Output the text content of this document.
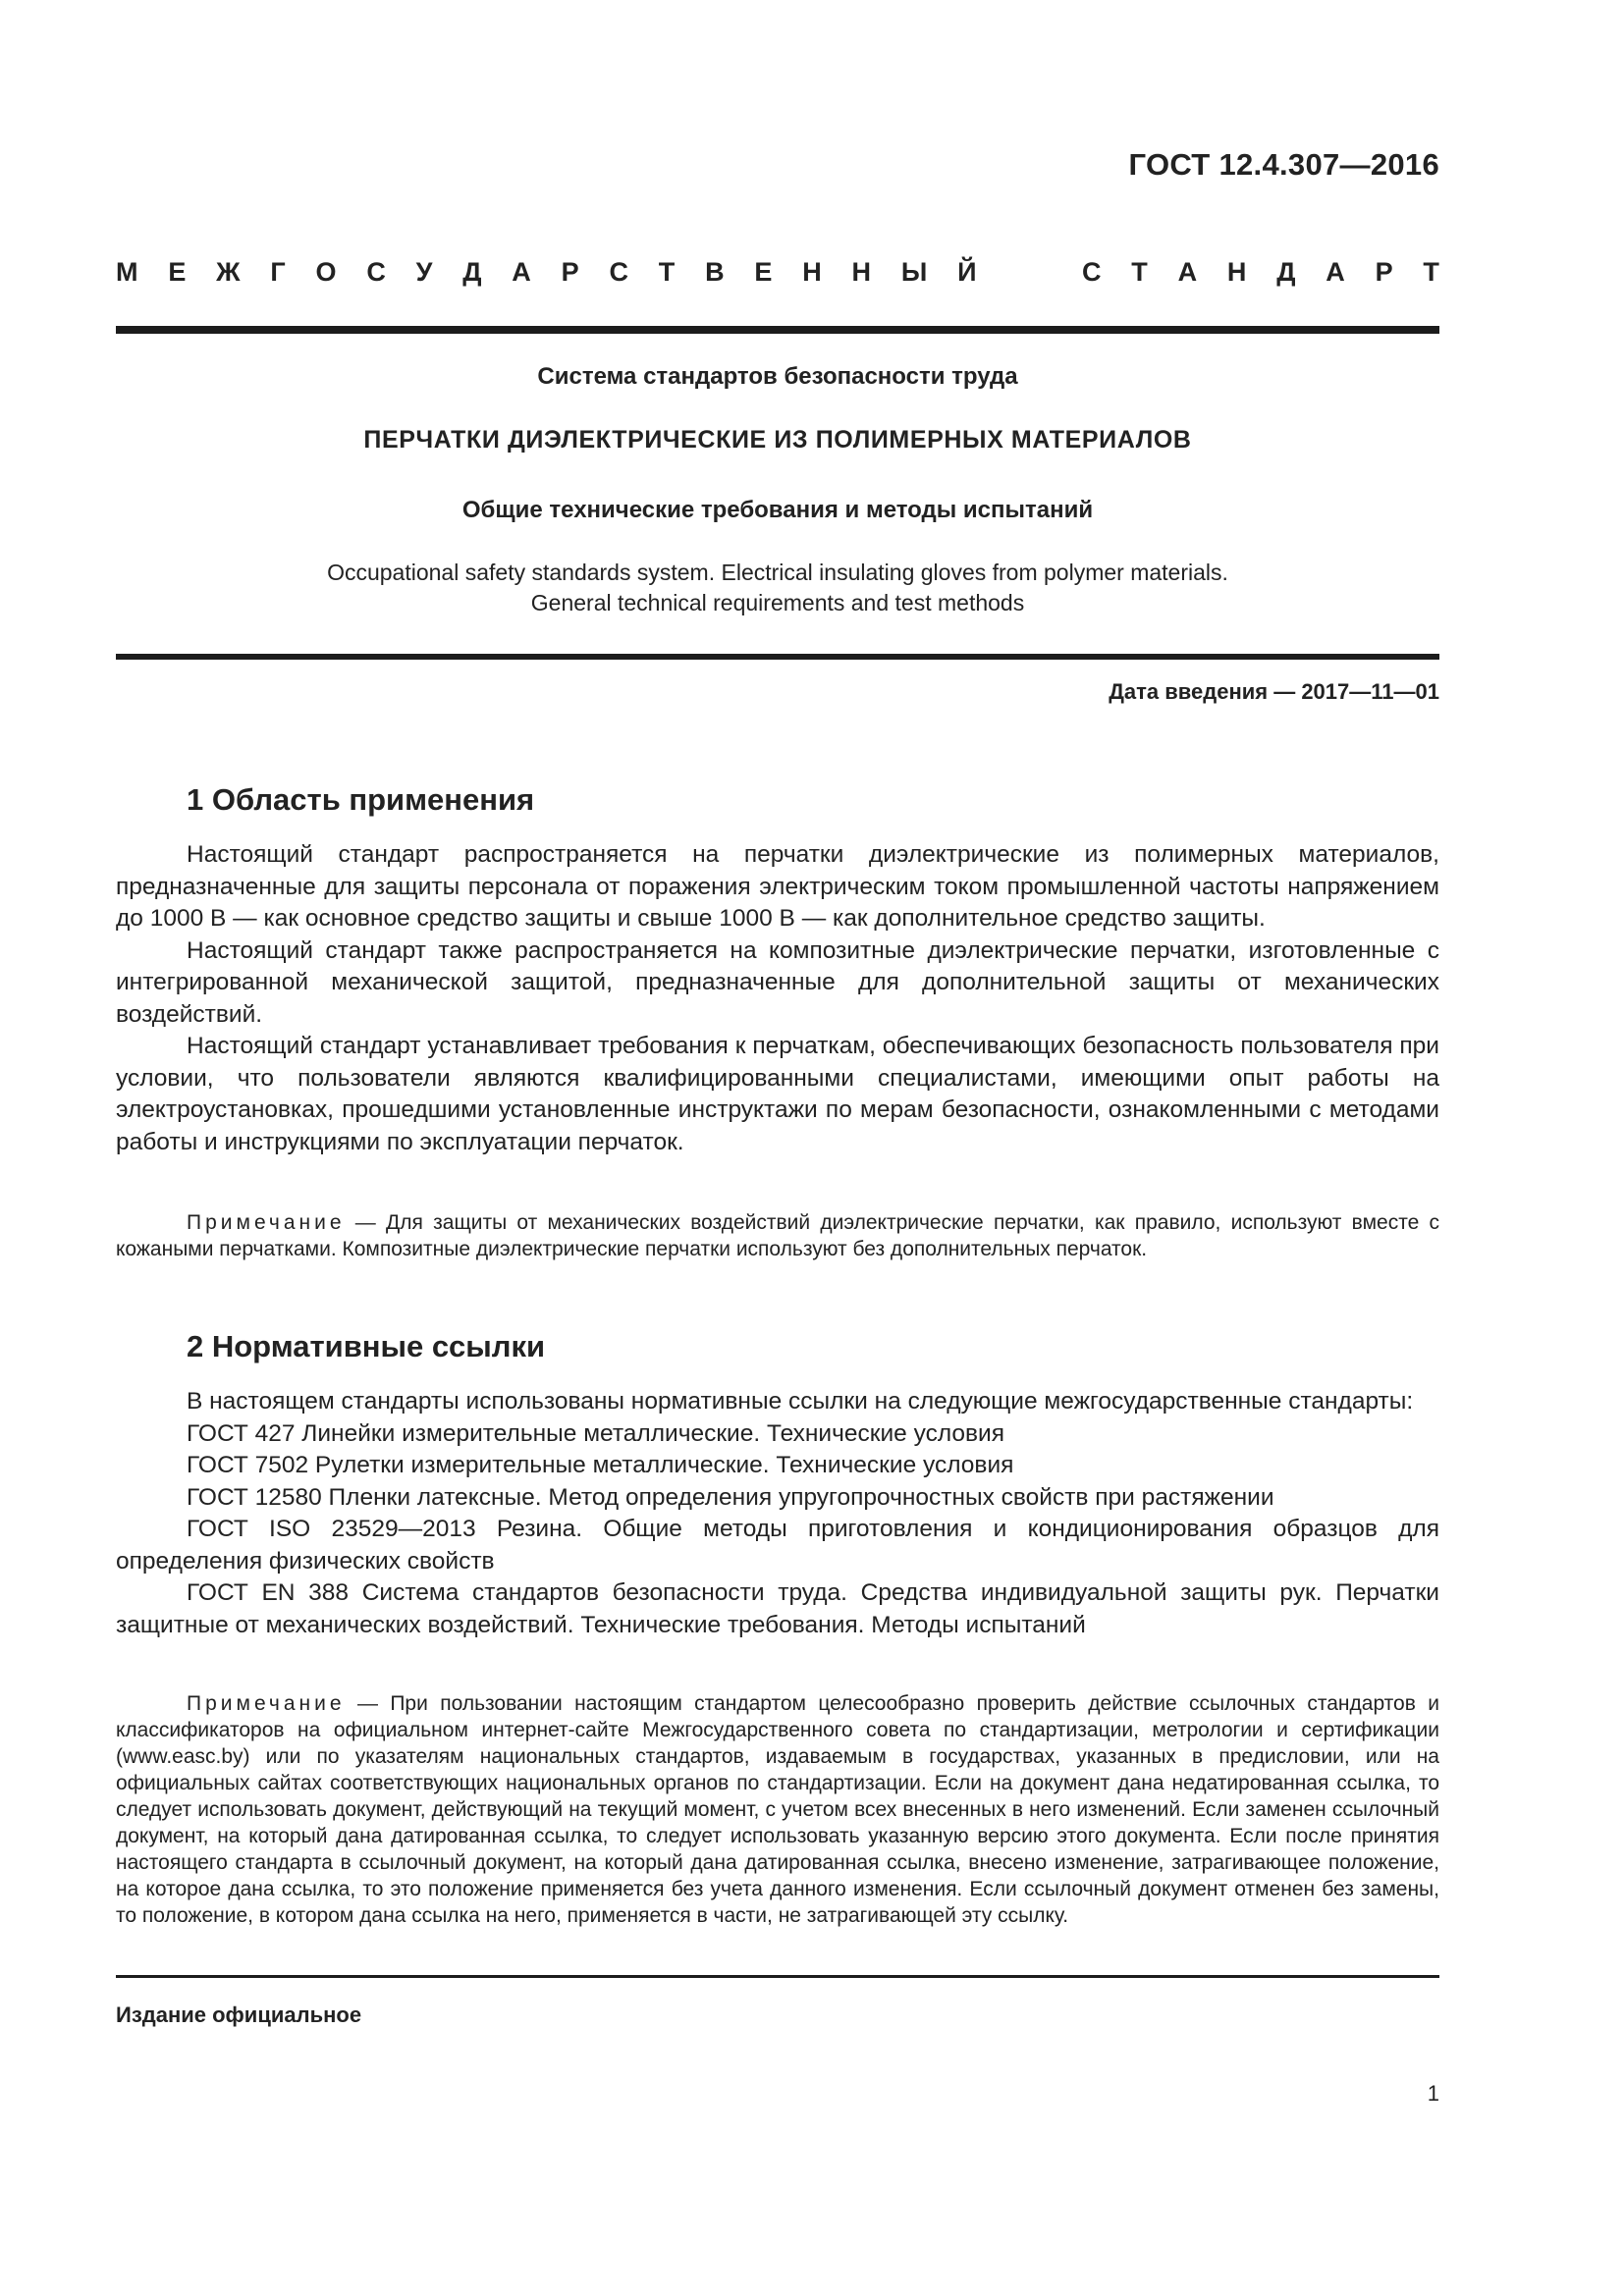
ГОСТ 12.4.307—2016
М Е Ж Г О С У Д А Р С Т В Е Н Н Ы Й

	С Т А Н Д А Р Т
Система стандартов безопасности труда
ПЕРЧАТКИ ДИЭЛЕКТРИЧЕСКИЕ ИЗ ПОЛИМЕРНЫХ МАТЕРИАЛОВ
Общие технические требования и методы испытаний
Occupational safety standards system. Electrical insulating gloves from polymer materials.
General technical requirements and test methods
Дата введения — 2017—11—01
1 Область применения

Настоящий стандарт распространяется на перчатки диэлектрические из полимерных материалов, предназначенные для защиты персонала от поражения электрическим током промышленной частоты напряжением до 1000 В — как основное средство защиты и свыше 1000 В — как дополнительное средство защиты.

Настоящий стандарт также распространяется на композитные диэлектрические перчатки, изготовленные с интегрированной механической защитой, предназначенные для дополнительной защиты от механических воздействий.

Настоящий стандарт устанавливает требования к перчаткам, обеспечивающих безопасность пользователя при условии, что пользователи являются квалифицированными специалистами, имеющими опыт работы на электроустановках, прошедшими установленные инструктажи по мерам безопасности, ознакомленными с методами работы и инструкциями по эксплуатации перчаток.

Примечание — Для защиты от механических воздействий диэлектрические перчатки, как правило, используют вместе с кожаными перчатками. Композитные диэлектрические перчатки используют без дополнительных перчаток.

2 Нормативные ссылки

В настоящем стандарты использованы нормативные ссылки на следующие межгосударственные стандарты:

ГОСТ 427 Линейки измерительные металлические. Технические условия

ГОСТ 7502 Рулетки измерительные металлические. Технические условия

ГОСТ 12580 Пленки латексные. Метод определения упругопрочностных свойств при растяжении

ГОСТ ISO 23529—2013 Резина. Общие методы приготовления и кондиционирования образцов для определения физических свойств

ГОСТ EN 388 Система стандартов безопасности труда. Средства индивидуальной защиты рук. Перчатки защитные от механических воздействий. Технические требования. Методы испытаний

Примечание — При пользовании настоящим стандартом целесообразно проверить действие ссылочных стандартов и классификаторов на официальном интернет-сайте Межгосударственного совета по стандартизации, метрологии и сертификации (www.easc.by) или по указателям национальных стандартов, издаваемым в государствах, указанных в предисловии, или на официальных сайтах соответствующих национальных органов по стандартизации. Если на документ дана недатированная ссылка, то следует использовать документ, действующий на текущий момент, с учетом всех внесенных в него изменений. Если заменен ссылочный документ, на который дана датированная ссылка, то следует использовать указанную версию этого документа. Если после принятия настоящего стандарта в ссылочный документ, на который дана датированная ссылка, внесено изменение, затрагивающее положение, на которое дана ссылка, то это положение применяется без учета данного изменения. Если ссылочный документ отменен без замены, то положение, в котором дана ссылка на него, применяется в части, не затрагивающей эту ссылку.

Издание официальное
1
